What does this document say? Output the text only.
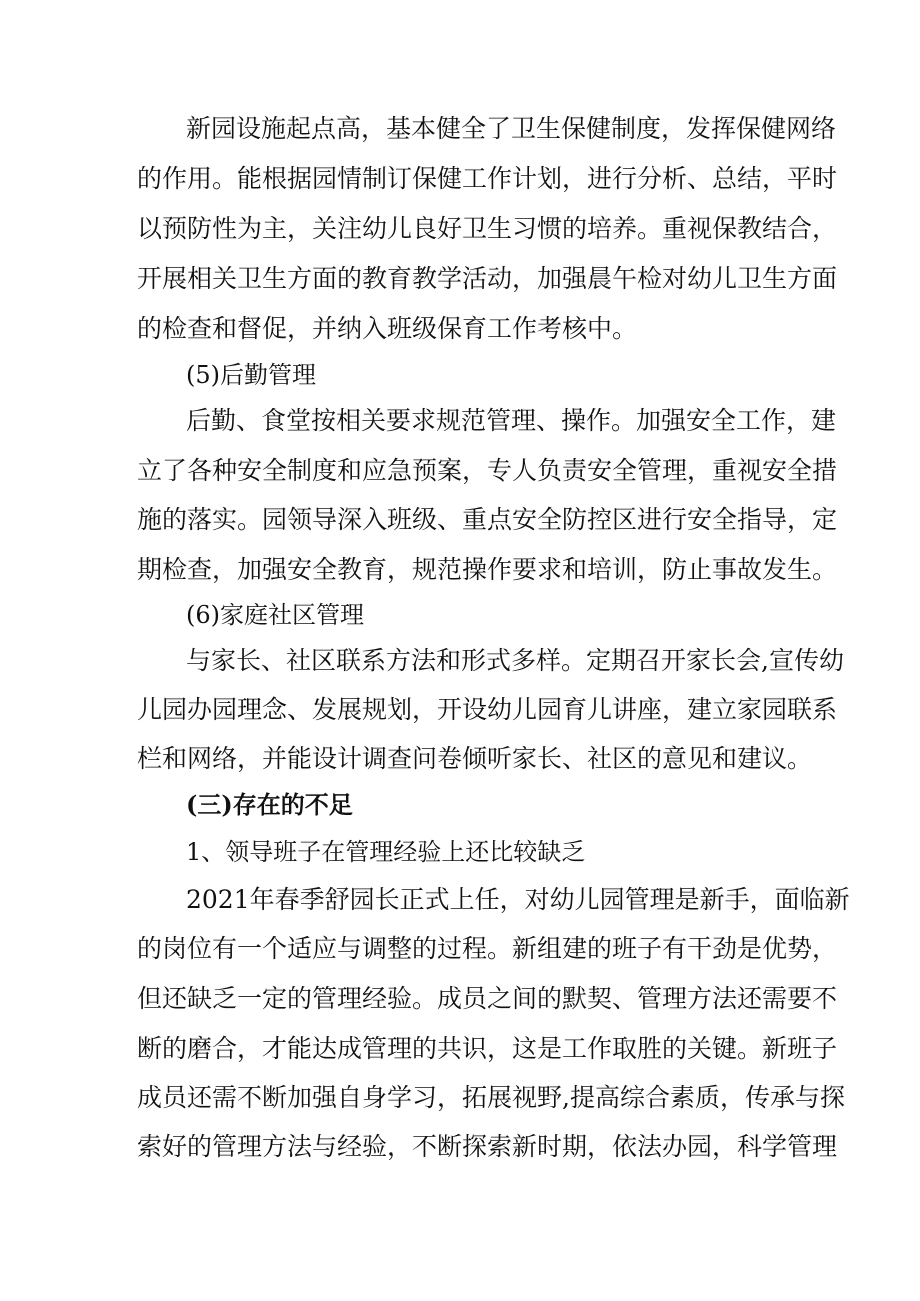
新园设施起点高，基本健全了卫生保健制度，发挥保健网络
的作用。能根据园情制订保健工作计划，进行分析、总结，平时
以预防性为主，关注幼儿良好卫生习惯的培养。重视保教结合，
开展相关卫生方面的教育教学活动，加强晨午检对幼儿卫生方面
的检查和督促，并纳入班级保育工作考核中。
(5)后勤管理
后勤、食堂按相关要求规范管理、操作。加强安全工作，建
立了各种安全制度和应急预案，专人负责安全管理，重视安全措
施的落实。园领导深入班级、重点安全防控区进行安全指导，定
期检查，加强安全教育，规范操作要求和培训，防止事故发生。
(6)家庭社区管理
与家长、社区联系方法和形式多样。定期召开家长会,宣传幼
儿园办园理念、发展规划，开设幼儿园育儿讲座，建立家园联系
栏和网络，并能设计调查问卷倾听家长、社区的意见和建议。
(三)存在的不足
1、领导班子在管理经验上还比较缺乏
2021年春季舒园长正式上任，对幼儿园管理是新手，面临新
的岗位有一个适应与调整的过程。新组建的班子有干劲是优势，
但还缺乏一定的管理经验。成员之间的默契、管理方法还需要不
断的磨合，才能达成管理的共识，这是工作取胜的关键。新班子
成员还需不断加强自身学习，拓展视野,提高综合素质，传承与探
索好的管理方法与经验，不断探索新时期，依法办园，科学管理
